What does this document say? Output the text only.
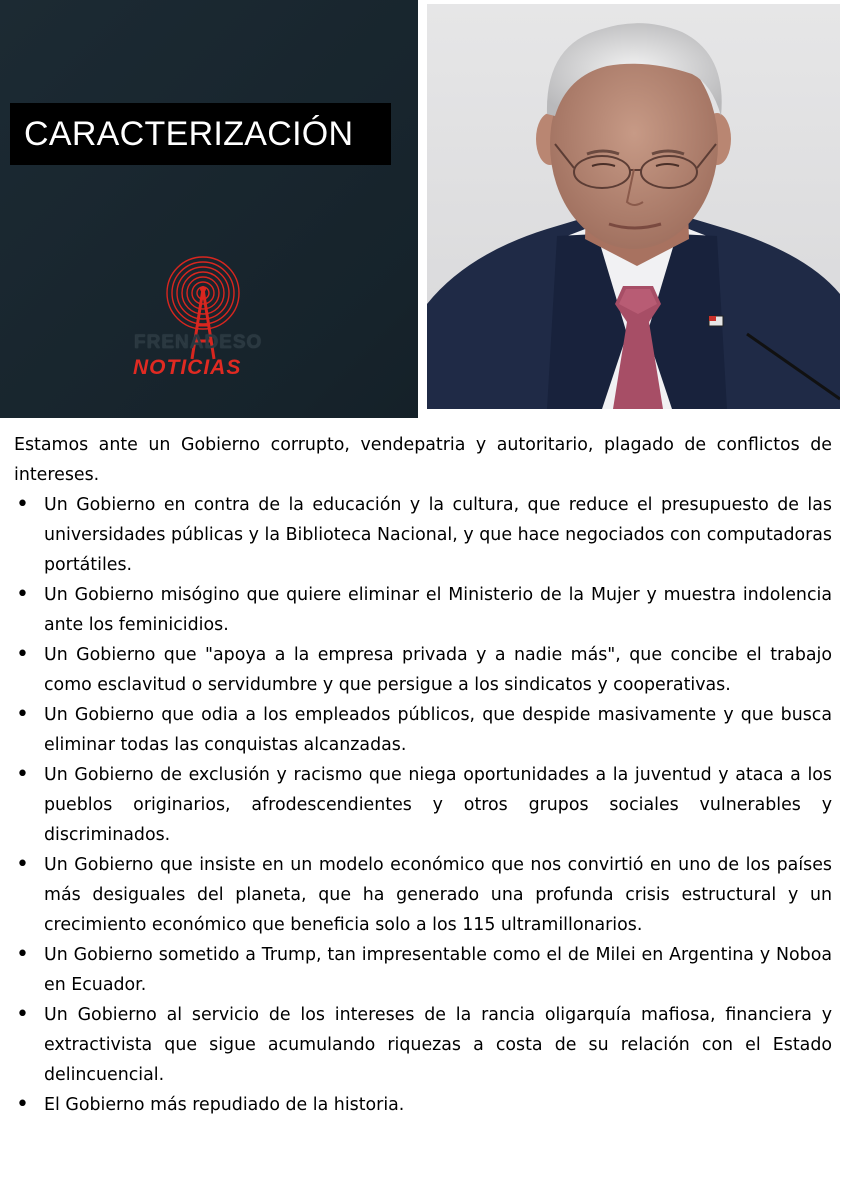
CARACTERIZACIÓN
FRENADESO
NOTICIAS

Estamos ante un Gobierno corrupto, vendepatria y autoritario, plagado de conflictos de intereses.

• Un Gobierno en contra de la educación y la cultura, que reduce el presupuesto de las universidades públicas y la Biblioteca Nacional, y que hace negociados con computadoras portátiles.
• Un Gobierno misógino que quiere eliminar el Ministerio de la Mujer y muestra indolencia ante los feminicidios.
• Un Gobierno que "apoya a la empresa privada y a nadie más", que concibe el trabajo como esclavitud o servidumbre y que persigue a los sindicatos y cooperativas.
• Un Gobierno que odia a los empleados públicos, que despide masivamente y que busca eliminar todas las conquistas alcanzadas.
• Un Gobierno de exclusión y racismo que niega oportunidades a la juventud y ataca a los pueblos originarios, afrodescendientes y otros grupos sociales vulnerables y discriminados.
• Un Gobierno que insiste en un modelo económico que nos convirtió en uno de los países más desiguales del planeta, que ha generado una profunda crisis estructural y un crecimiento económico que beneficia solo a los 115 ultramillonarios.
• Un Gobierno sometido a Trump, tan impresentable como el de Milei en Argentina y Noboa en Ecuador.
• Un Gobierno al servicio de los intereses de la rancia oligarquía mafiosa, financiera y extractivista que sigue acumulando riquezas a costa de su relación con el Estado delincuencial.
• El Gobierno más repudiado de la historia.
